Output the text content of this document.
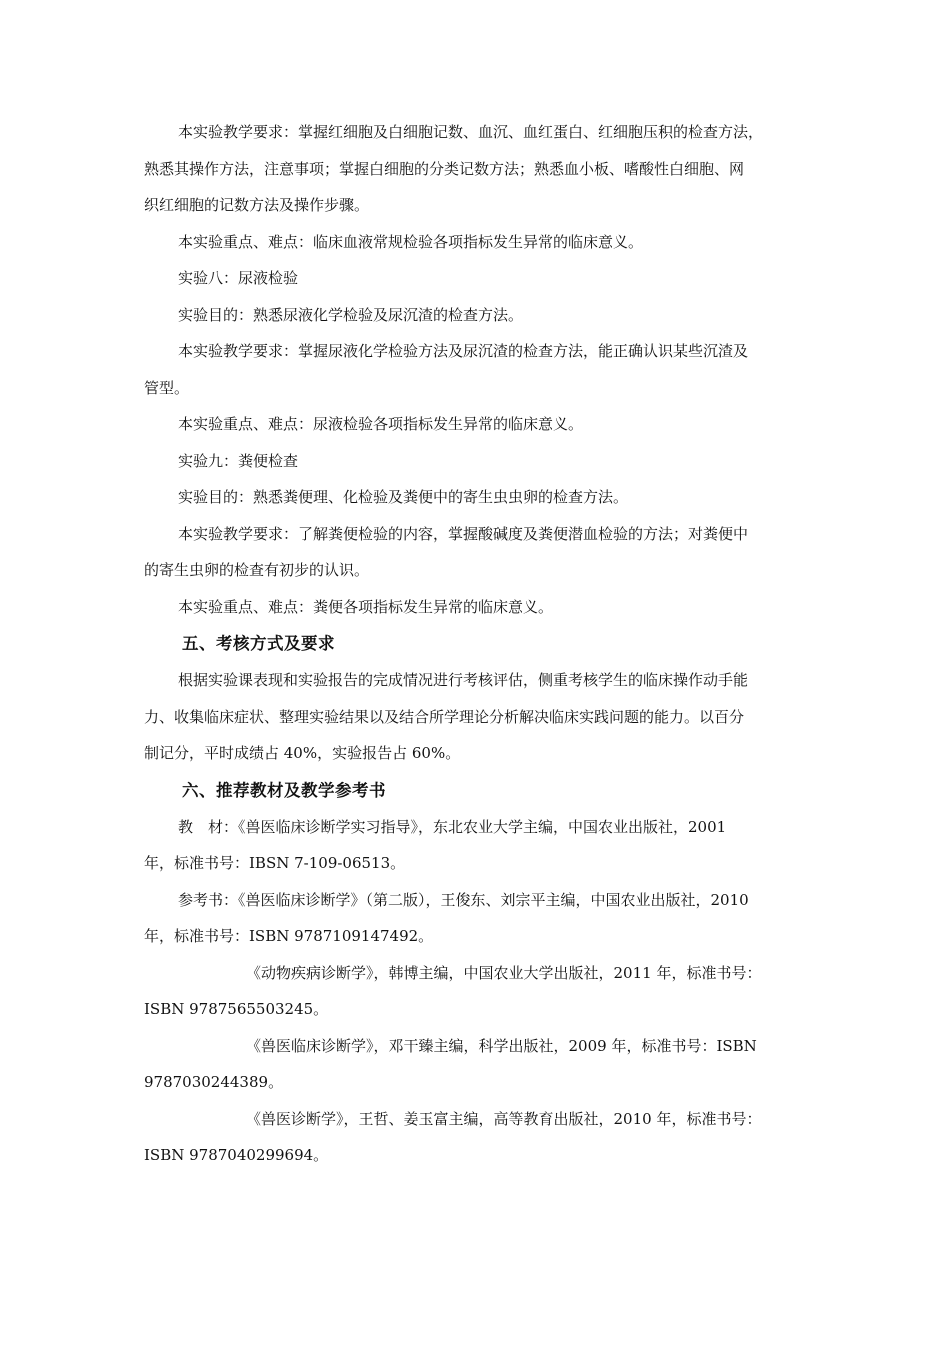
本实验教学要求：掌握红细胞及白细胞记数、血沉、血红蛋白、红细胞压积的检查方法，
熟悉其操作方法，注意事项；掌握白细胞的分类记数方法；熟悉血小板、嗜酸性白细胞、网
织红细胞的记数方法及操作步骤。

本实验重点、难点：临床血液常规检验各项指标发生异常的临床意义。

实验八：尿液检验

实验目的：熟悉尿液化学检验及尿沉渣的检查方法。

本实验教学要求：掌握尿液化学检验方法及尿沉渣的检查方法，能正确认识某些沉渣及
管型。

本实验重点、难点：尿液检验各项指标发生异常的临床意义。

实验九：粪便检查

实验目的：熟悉粪便理、化检验及粪便中的寄生虫虫卵的检查方法。

本实验教学要求：了解粪便检验的内容，掌握酸碱度及粪便潜血检验的方法；对粪便中
的寄生虫卵的检查有初步的认识。

本实验重点、难点：粪便各项指标发生异常的临床意义。

五、考核方式及要求

根据实验课表现和实验报告的完成情况进行考核评估，侧重考核学生的临床操作动手能
力、收集临床症状、整理实验结果以及结合所学理论分析解决临床实践问题的能力。以百分
制记分，平时成绩占 40%，实验报告占 60%。

六、推荐教材及教学参考书

教　材：《兽医临床诊断学实习指导》，东北农业大学主编，中国农业出版社，2001
年，标准书号：IBSN 7-109-06513。

参考书：《兽医临床诊断学》（第二版），王俊东、刘宗平主编，中国农业出版社，2010
年，标准书号：ISBN 9787109147492。

《动物疾病诊断学》，韩博主编，中国农业大学出版社，2011 年，标准书号：
ISBN 9787565503245。

《兽医临床诊断学》，邓干臻主编，科学出版社，2009 年，标准书号：ISBN
9787030244389。

《兽医诊断学》，王哲、姜玉富主编，高等教育出版社，2010 年，标准书号：
ISBN 9787040299694。
